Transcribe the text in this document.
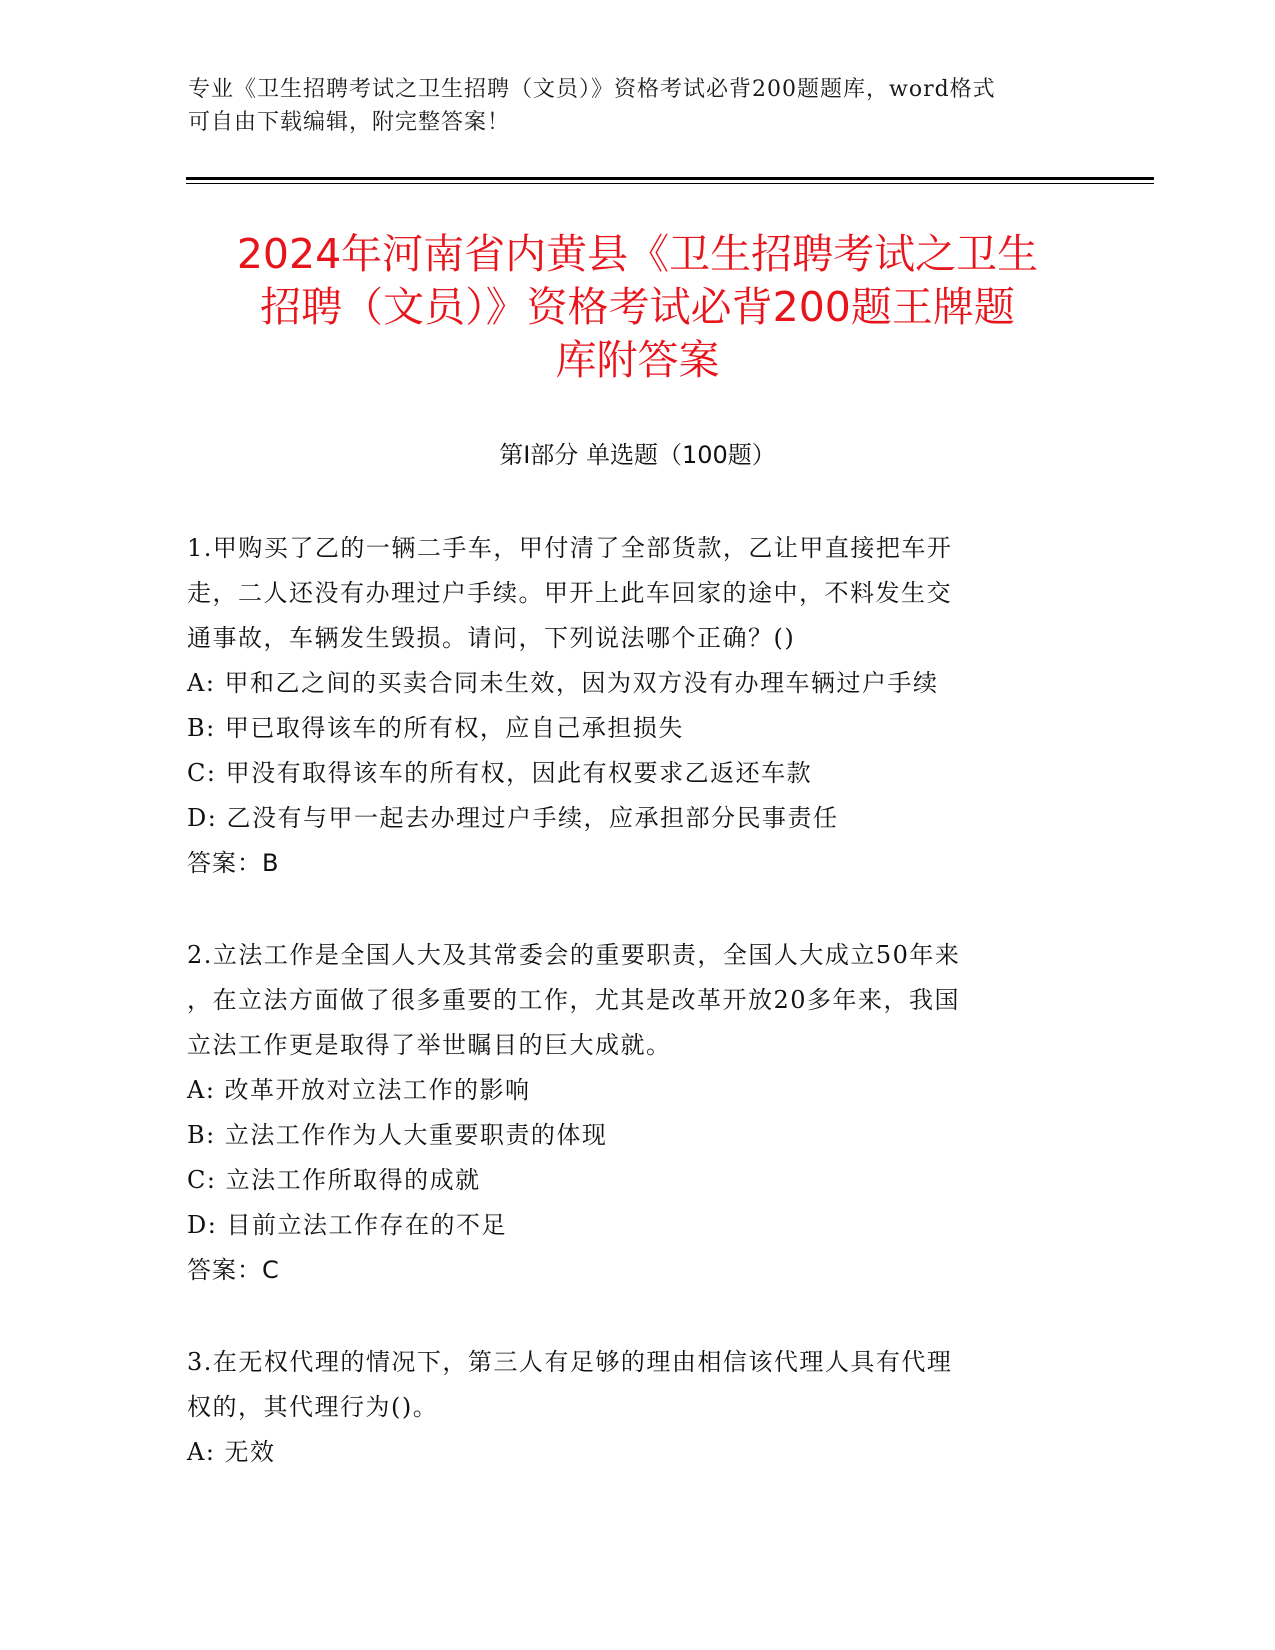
专业《卫生招聘考试之卫生招聘（文员）》资格考试必背200题题库，word格式
可自由下载编辑，附完整答案！
2024年河南省内黄县《卫生招聘考试之卫生
招聘（文员）》资格考试必背200题王牌题
库附答案
第Ⅰ部分 单选题（100题）
1.甲购买了乙的一辆二手车，甲付清了全部货款，乙让甲直接把车开
走，二人还没有办理过户手续。甲开上此车回家的途中，不料发生交
通事故，车辆发生毁损。请问，下列说法哪个正确？()
A: 甲和乙之间的买卖合同未生效，因为双方没有办理车辆过户手续
B: 甲已取得该车的所有权，应自己承担损失
C: 甲没有取得该车的所有权，因此有权要求乙返还车款
D: 乙没有与甲一起去办理过户手续，应承担部分民事责任
答案：B
2.立法工作是全国人大及其常委会的重要职责，全国人大成立50年来
，在立法方面做了很多重要的工作，尤其是改革开放20多年来，我国
立法工作更是取得了举世瞩目的巨大成就。
A: 改革开放对立法工作的影响
B: 立法工作作为人大重要职责的体现
C: 立法工作所取得的成就
D: 目前立法工作存在的不足
答案：C
3.在无权代理的情况下，第三人有足够的理由相信该代理人具有代理
权的，其代理行为()。
A: 无效
